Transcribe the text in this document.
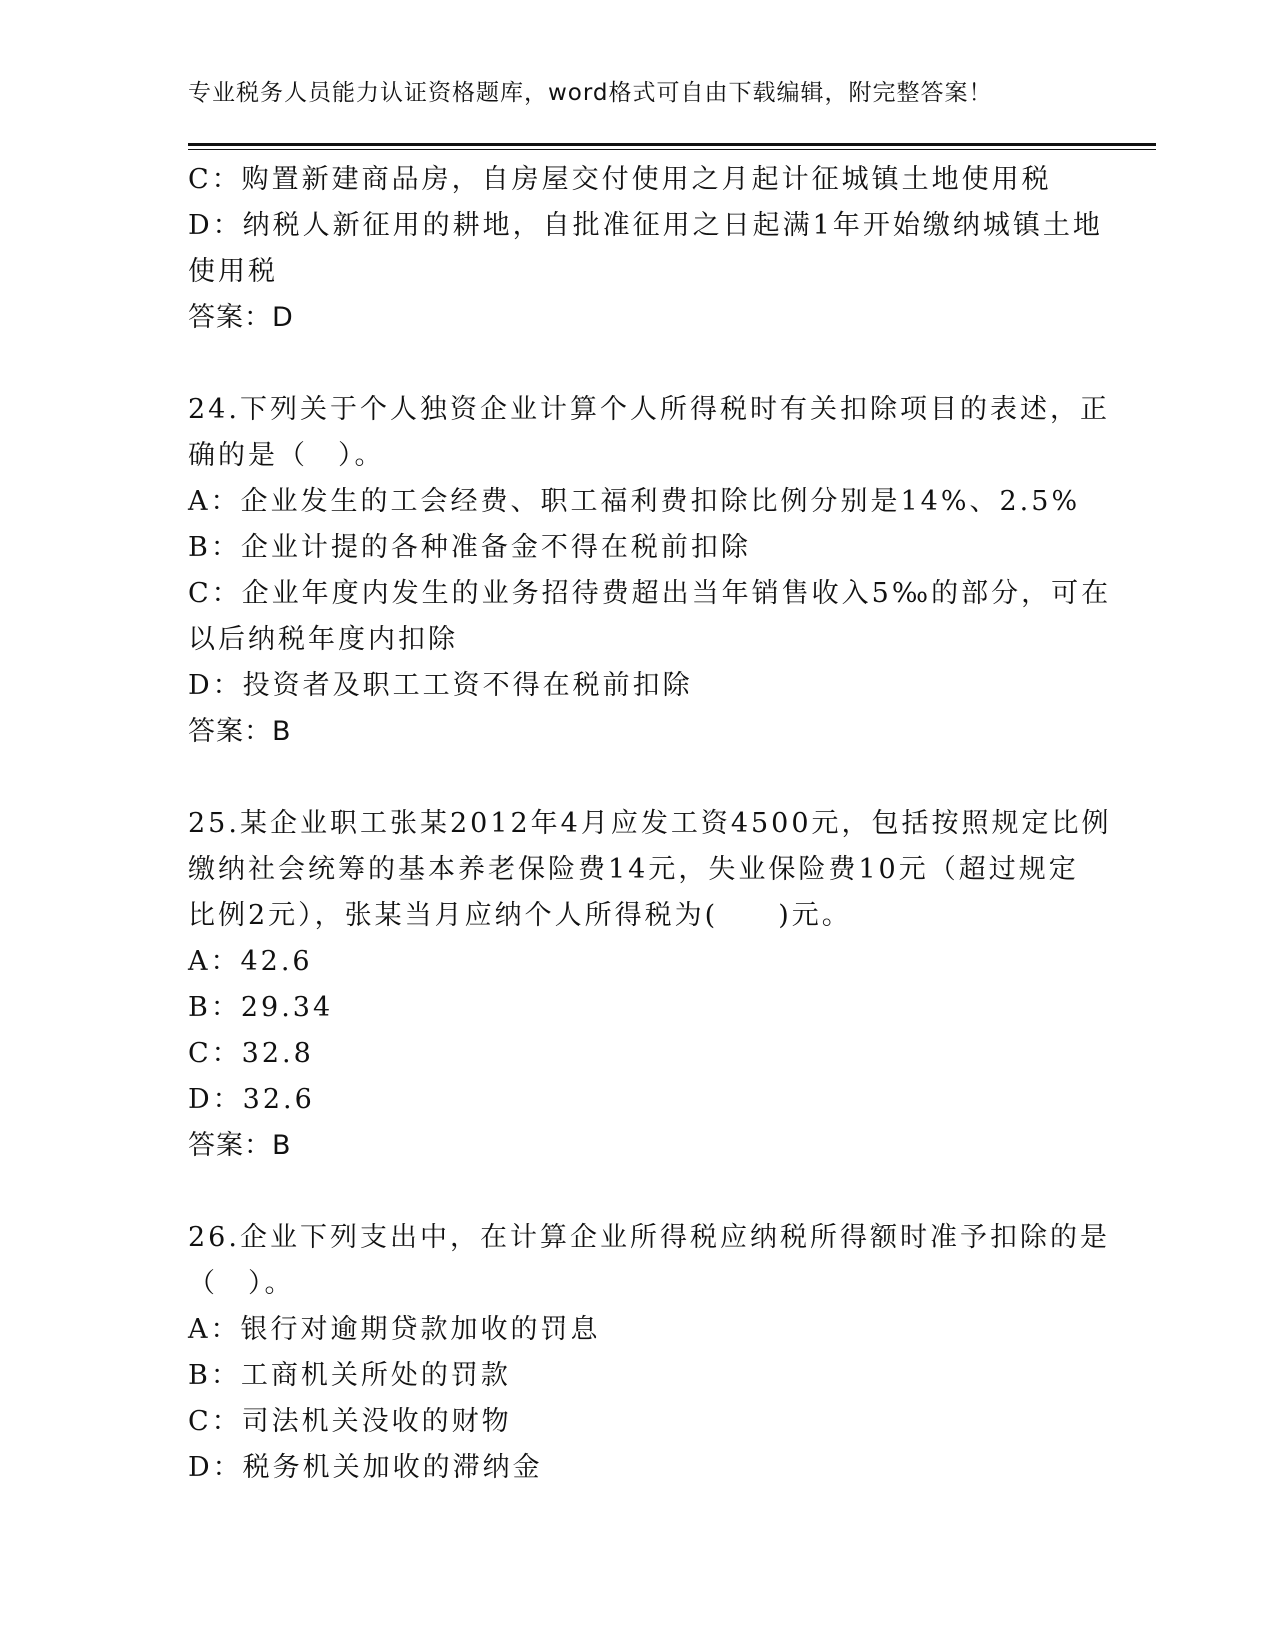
专业税务人员能力认证资格题库，word格式可自由下载编辑，附完整答案！
C：购置新建商品房，自房屋交付使用之月起计征城镇土地使用税
D：纳税人新征用的耕地，自批准征用之日起满1年开始缴纳城镇土地
使用税
答案：D
24.下列关于个人独资企业计算个人所得税时有关扣除项目的表述，正
确的是（　）。
A：企业发生的工会经费、职工福利费扣除比例分别是14%、2.5%
B：企业计提的各种准备金不得在税前扣除
C：企业年度内发生的业务招待费超出当年销售收入5‰的部分，可在
以后纳税年度内扣除
D：投资者及职工工资不得在税前扣除
答案：B
25.某企业职工张某2012年4月应发工资4500元，包括按照规定比例
缴纳社会统筹的基本养老保险费14元，失业保险费10元（超过规定
比例2元），张某当月应纳个人所得税为(　　)元。
A：42.6
B：29.34
C：32.8
D：32.6
答案：B
26.企业下列支出中，在计算企业所得税应纳税所得额时准予扣除的是
（　）。
A：银行对逾期贷款加收的罚息
B：工商机关所处的罚款
C：司法机关没收的财物
D：税务机关加收的滞纳金
